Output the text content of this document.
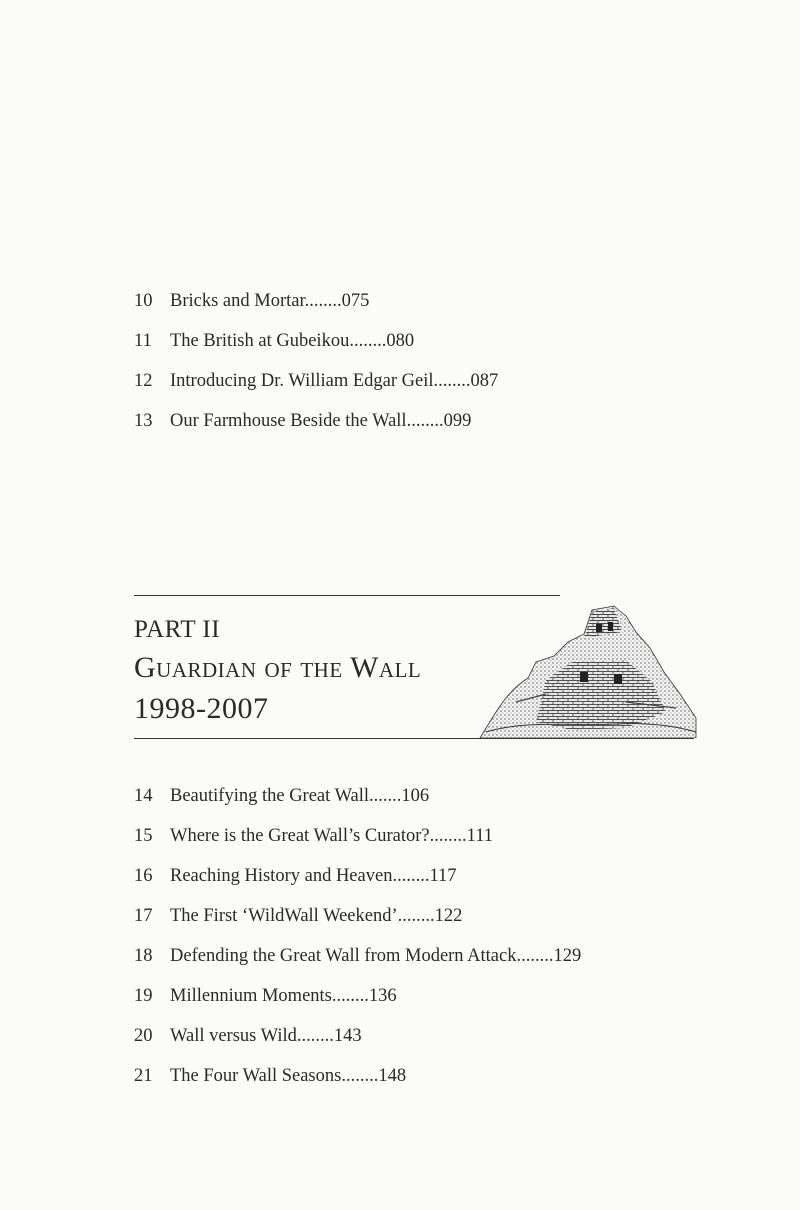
10 Bricks and Mortar........075
11 The British at Gubeikou........080
12 Introducing Dr. William Edgar Geil........087
13 Our Farmhouse Beside the Wall........099
PART II
Guardian of the Wall
1998-2007
14 Beautifying the Great Wall.......106
15 Where is the Great Wall’s Curator?........111
16 Reaching History and Heaven........117
17 The First ‘WildWall Weekend’........122
18 Defending the Great Wall from Modern Attack........129
19 Millennium Moments........136
20 Wall versus Wild........143
21 The Four Wall Seasons........148
